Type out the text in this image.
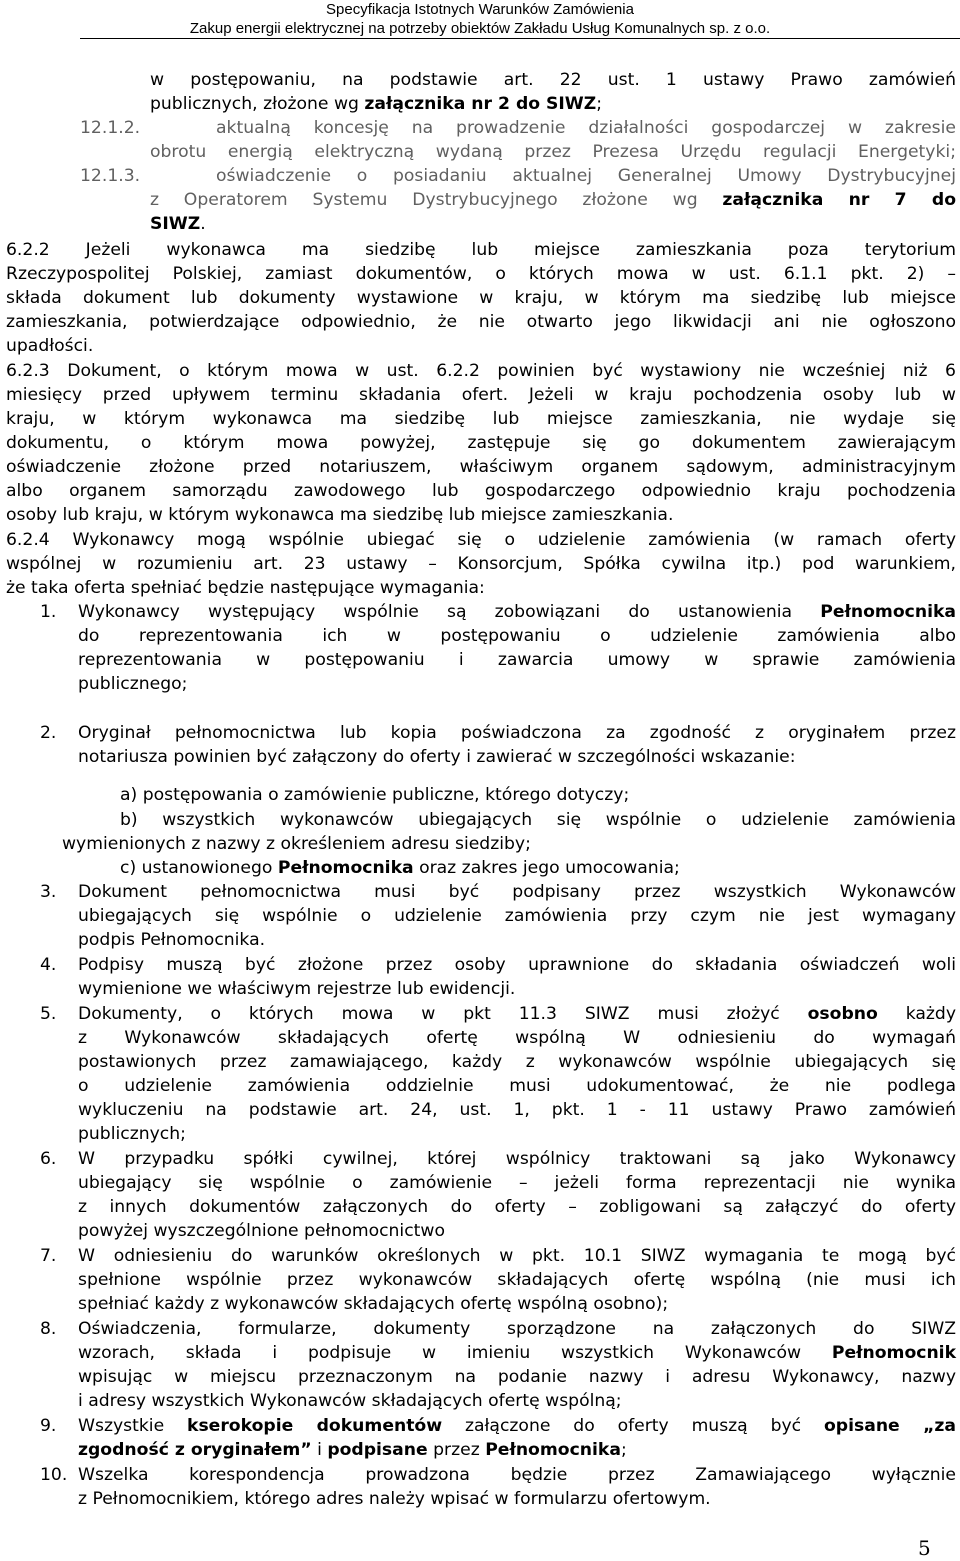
Specyfikacja Istotnych Warunków Zamówienia
Zakup energii elektrycznej na potrzeby obiektów Zakładu Usług Komunalnych sp. z o.o.
w postępowaniu, na podstawie art. 22 ust. 1 ustawy Prawo zamówień
publicznych, złożone wg załącznika nr 2 do SIWZ;
12.1.2.	aktualną koncesję na prowadzenie działalności gospodarczej w zakresie
obrotu energią elektryczną wydaną przez Prezesa Urzędu regulacji Energetyki;
12.1.3.	oświadczenie o posiadaniu aktualnej Generalnej Umowy Dystrybucyjnej
z Operatorem Systemu Dystrybucyjnego złożone wg załącznika nr 7 do
SIWZ.
6.2.2 Jeżeli wykonawca ma siedzibę lub miejsce zamieszkania poza terytorium
Rzeczypospolitej Polskiej, zamiast dokumentów, o których mowa w ust. 6.1.1 pkt. 2) –
składa dokument lub dokumenty wystawione w kraju, w którym ma siedzibę lub miejsce
zamieszkania, potwierdzające odpowiednio, że nie otwarto jego likwidacji ani nie ogłoszono
upadłości.
6.2.3 Dokument, o którym mowa w ust. 6.2.2 powinien być wystawiony nie wcześniej niż 6
miesięcy przed upływem terminu składania ofert. Jeżeli w kraju pochodzenia osoby lub w
kraju, w którym wykonawca ma siedzibę lub miejsce zamieszkania, nie wydaje się
dokumentu, o którym mowa powyżej, zastępuje się go dokumentem zawierającym
oświadczenie złożone przed notariuszem, właściwym organem sądowym, administracyjnym
albo organem samorządu zawodowego lub gospodarczego odpowiednio kraju pochodzenia
osoby lub kraju, w którym wykonawca ma siedzibę lub miejsce zamieszkania.
6.2.4 Wykonawcy mogą wspólnie ubiegać się o udzielenie zamówienia (w ramach oferty
wspólnej w rozumieniu art. 23 ustawy – Konsorcjum, Spółka cywilna itp.) pod warunkiem,
że taka oferta spełniać będzie następujące wymagania:
1. Wykonawcy występujący wspólnie są zobowiązani do ustanowienia Pełnomocnika
do reprezentowania ich w postępowaniu o udzielenie zamówienia albo
reprezentowania w postępowaniu i zawarcia umowy w sprawie zamówienia
publicznego;
2. Oryginał pełnomocnictwa lub kopia poświadczona za zgodność z oryginałem przez
notariusza powinien być załączony do oferty i zawierać w szczególności wskazanie:
a) postępowania o zamówienie publiczne, którego dotyczy;
b) wszystkich wykonawców ubiegających się wspólnie o udzielenie zamówienia
wymienionych z nazwy z określeniem adresu siedziby;
c) ustanowionego Pełnomocnika oraz zakres jego umocowania;
3. Dokument pełnomocnictwa musi być podpisany przez wszystkich Wykonawców
ubiegających się wspólnie o udzielenie zamówienia przy czym nie jest wymagany
podpis Pełnomocnika.
4. Podpisy muszą być złożone przez osoby uprawnione do składania oświadczeń woli
wymienione we właściwym rejestrze lub ewidencji.
5. Dokumenty, o których mowa w pkt 11.3 SIWZ musi złożyć osobno każdy
z Wykonawców składających ofertę wspólną W odniesieniu do wymagań
postawionych przez zamawiającego, każdy z wykonawców wspólnie ubiegających się
o udzielenie zamówienia oddzielnie musi udokumentować, że nie podlega
wykluczeniu na podstawie art. 24, ust. 1, pkt. 1 - 11 ustawy Prawo zamówień
publicznych;
6. W przypadku spółki cywilnej, której wspólnicy traktowani są jako Wykonawcy
ubiegający się wspólnie o zamówienie – jeżeli forma reprezentacji nie wynika
z innych dokumentów załączonych do oferty – zobligowani są załączyć do oferty
powyżej wyszczególnione pełnomocnictwo
7. W odniesieniu do warunków określonych w pkt. 10.1 SIWZ wymagania te mogą być
spełnione wspólnie przez wykonawców składających ofertę wspólną (nie musi ich
spełniać każdy z wykonawców składających ofertę wspólną osobno);
8. Oświadczenia, formularze, dokumenty sporządzone na załączonych do SIWZ
wzorach, składa i podpisuje w imieniu wszystkich Wykonawców Pełnomocnik
wpisując w miejscu przeznaczonym na podanie nazwy i adresu Wykonawcy, nazwy
i adresy wszystkich Wykonawców składających ofertę wspólną;
9. Wszystkie kserokopie dokumentów załączone do oferty muszą być opisane „za
zgodność z oryginałem” i podpisane przez Pełnomocnika;
10. Wszelka korespondencja prowadzona będzie przez Zamawiającego wyłącznie
z Pełnomocnikiem, którego adres należy wpisać w formularzu ofertowym.
5
